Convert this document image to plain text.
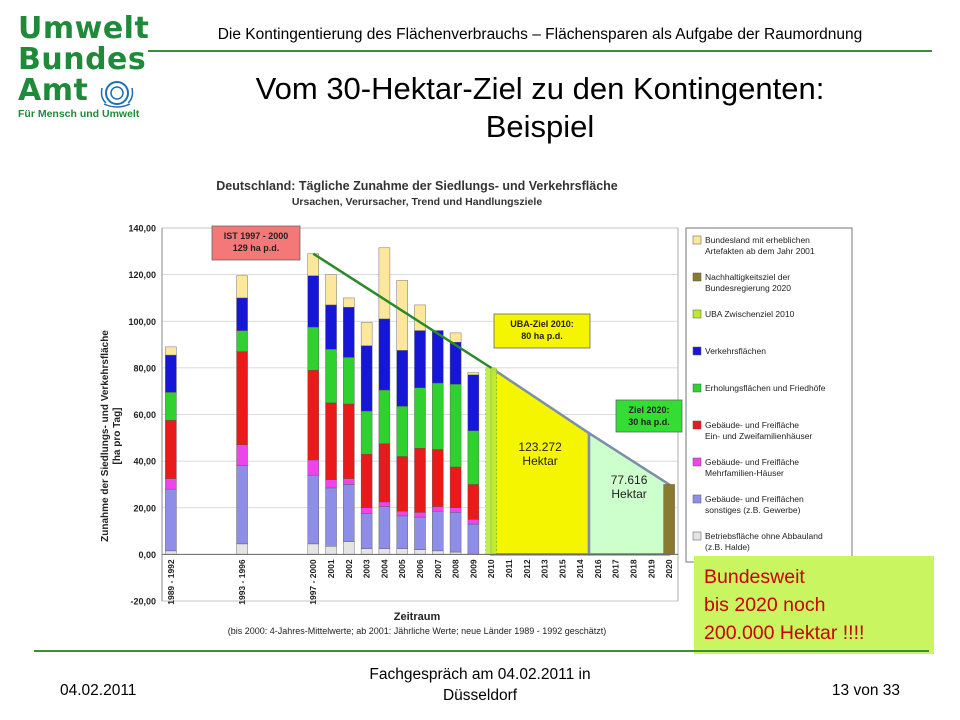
Umwelt
Bundes
Amt
Für Mensch und Umwelt
Die Kontingentierung des Flächenverbrauchs – Flächensparen als Aufgabe der Raumordnung
Vom 30-Hektar-Ziel zu den Kontingenten:
Beispiel
Deutschland: Tägliche Zunahme der Siedlungs- und Verkehrsfläche
Ursachen, Verursacher, Trend und Handlungsziele
123.272
Hektar
77.616
Hektar
-20,00
0,00
20,00
40,00
60,00
80,00
100,00
120,00
140,00
1989 - 1992	1993 - 1996	1997 - 2000 2001 2002 2003 2004 2005 2006 2007 2008 2009 2010 2011 2012 2013 2015 2014 2016 2017 2018 2019 2020
IST 1997 - 2000
129 ha p.d.
UBA-Ziel 2010:
80 ha p.d.
Ziel 2020:
30 ha p.d.
Bundesland mit erheblichen
Artefakten ab dem Jahr 2001
Nachhaltigkeitsziel der
Bundesregierung 2020
UBA Zwischenziel 2010
Verkehrsflächen
Erholungsflächen und Friedhöfe
Gebäude- und Freifläche
Ein- und Zweifamilienhäuser
Gebäude- und Freifläche
Mehrfamilien-Häuser
Gebäude- und Freiflächen
sonstiges (z.B. Gewerbe)
Betriebsfläche ohne Abbauland
(z.B. Halde)
Zunahme der Siedlungs- und Verkehrsfläche [ha pro Tag]
Zeitraum
(bis 2000: 4-Jahres-Mittelwerte; ab 2001: Jährliche Werte; neue Länder 1989 - 1992 geschätzt)
Bundesweit
bis 2020 noch
200.000 Hektar !!!!
04.02.2011
Fachgespräch am 04.02.2011 in
Düsseldorf	13 von 33
